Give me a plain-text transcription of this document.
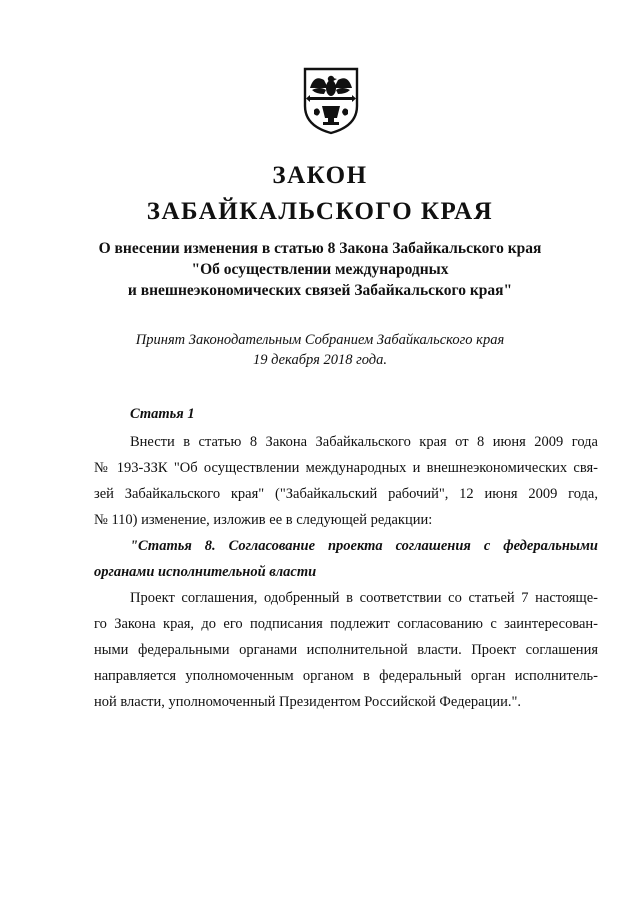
ЗАКОН
ЗАБАЙКАЛЬСКОГО КРАЯ
О внесении изменения в статью 8 Закона Забайкальского края
"Об осуществлении международных
и внешнеэкономических связей Забайкальского края"
Принят Законодательным Собранием Забайкальского края
19 декабря 2018 года.
Статья 1
Внести в статью 8 Закона Забайкальского края от 8 июня 2009 года
№ 193-ЗЗК "Об осуществлении международных и внешнеэкономических свя-
зей Забайкальского края" ("Забайкальский рабочий", 12 июня 2009 года,
№ 110) изменение, изложив ее в следующей редакции:
"Статья 8. Согласование проекта соглашения с федеральными
органами исполнительной власти
Проект соглашения, одобренный в соответствии со статьей 7 настояще-
го Закона края, до его подписания подлежит согласованию с заинтересован-
ными федеральными органами исполнительной власти. Проект соглашения
направляется уполномоченным органом в федеральный орган исполнитель-
ной власти, уполномоченный Президентом Российской Федерации.".
